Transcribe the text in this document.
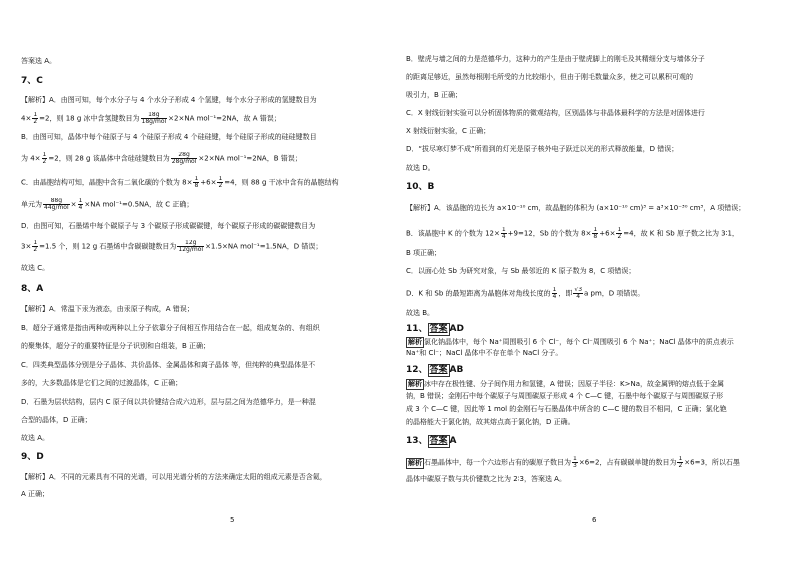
答案选 A。
7、C
【解析】A．由图可知，每个水分子与 4 个水分子形成 4 个氢键，每个水分子形成的氢键数目为
$4\times \frac{1}{2} =2$，则 18 g 冰中含氢键数目为 $\frac{18g}{\text{18g/mol}} \times 2\times NA$ mol⁻¹=2NA，故 A 错误；
B．由图可知，晶体中每个硅原子与 4 个硅原子形成 4 个硅硅键，每个硅原子形成的硅硅键数目
为 $4\times \frac{1}{2} =2$，则 28 g 该晶体中含硅硅键数目为 $\frac{28g}{\text{28g/mol}} \times 2\times NA$ mol⁻¹=2NA，B 错误；
C．由晶胞结构可知，晶胞中含有二氧化碳的个数为 $8\times \frac{1}{8} +6\times \frac{1}{2} =4$，则 88 g 干冰中含有的晶胞结构
单元为 $\frac{88g}{\text{44g/mol}} \times \frac{1}{4} \times NA$ mol⁻¹=0.5NA，故 C 正确；
D．由图可知，石墨烯中每个碳原子与 3 个碳原子形成碳碳键，每个碳原子形成的碳碳键数目为
$3\times \frac{1}{2} =1.5$ 个，则 12 g 石墨烯中含碳碳键数目为 $\frac{12g}{\text{12g/mol}} \times 1.5\times NA$ mol⁻¹=1.5NA，D 错误；
故选 C。
8、A
【解析】A．常温下汞为液态，由汞原子构成，A 错误；
B．超分子通常是指由两种或两种以上分子依靠分子间相互作用结合在一起，组成复杂的、有组织
的聚集体，超分子的重要特征是分子识别和自组装，B 正确；
C．四类典型晶体分别是分子晶体、共价晶体、金属晶体和离子晶体 等，但纯粹的典型晶体是不
多的，大多数晶体是它们之间的过渡晶体，C 正确；
D．石墨为层状结构，层内 C 原子间以共价键结合成六边形，层与层之间为范德华力，是一种混
合型的晶体，D 正确；
故选 A。
9、D
【解析】A．不同的元素具有不同的光谱，可以用光谱分析的方法来确定太阳的组成元素是否含氦，
A 正确；
5
B．壁虎与墙之间的力是范德华力，这种力的产生是由于壁虎脚上的刚毛及其精细分支与墙体分子
的距离足够近，虽然每根刚毛所受的力比较细小，但由于刚毛数量众多，使之可以累积可观的
吸引力，B 正确；
C．X 射线衍射实验可以分析固体物质的微观结构，区别晶体与非晶体最科学的方法是对固体进行
X 射线衍射实验，C 正确；
D．“拔尽寒灯梦不成”所看到的灯光是原子核外电子跃迁以光的形式释放能量，D 错误；
故选 D。
10、B
【解析】A．该晶胞的边长为 a×10⁻¹⁰ cm，故晶胞的体积为 (a×10⁻¹⁰ cm)³ = a³×10⁻³⁰ cm³，A 项错误；
B．该晶胞中 K 的个数为 $12\times \frac{1}{4} +9=12$，Sb 的个数为 $8\times \frac{1}{8} +6\times \frac{1}{2} =4$，故 K 和 Sb 原子数之比为 3∶1，
B 项正确；
C．以面心处 Sb 为研究对象，与 Sb 最邻近的 K 原子数为 8，C 项错误；
D．K 和 Sb 的最短距离为晶胞体对角线长度的 $\frac{1}{4}$ ，即 $\frac{√3}{4}$ a pm，D 项错误。
故选 B。
11、 答案 AD
解析 氯化钠晶体中，每个 Na⁺周围吸引 6 个 Cl⁻，每个 Cl⁻周围吸引 6 个 Na⁺；NaCl 晶体中的质点表示
Na⁺和 Cl⁻；NaCl 晶体中不存在单个 NaCl 分子。
12、 答案 AB
解析 冰中存在极性键、分子间作用力和氢键，A 错误；因原子半径：K>Na，故金属钾的熔点低于金属
钠，B 错误；金刚石中每个碳原子与周围碳原子形成 4 个 C—C 键，石墨中每个碳原子与周围碳原子形
成 3 个 C—C 键，因此等 1 mol 的金刚石与石墨晶体中所含的 C—C 键的数目不相同，C 正确；氯化铯
的晶格能大于氯化钠，故其熔点高于氯化钠，D 正确。
13、 答案 A
解析 石墨晶体中，每一个六边形占有的碳原子数目为 $\frac{1}{3} \times 6=2$，占有碳碳单键的数目为 $\frac{1}{2} \times 6=3$，所以石墨
晶体中碳原子数与共价键数之比为 2∶3，答案选 A。
6
